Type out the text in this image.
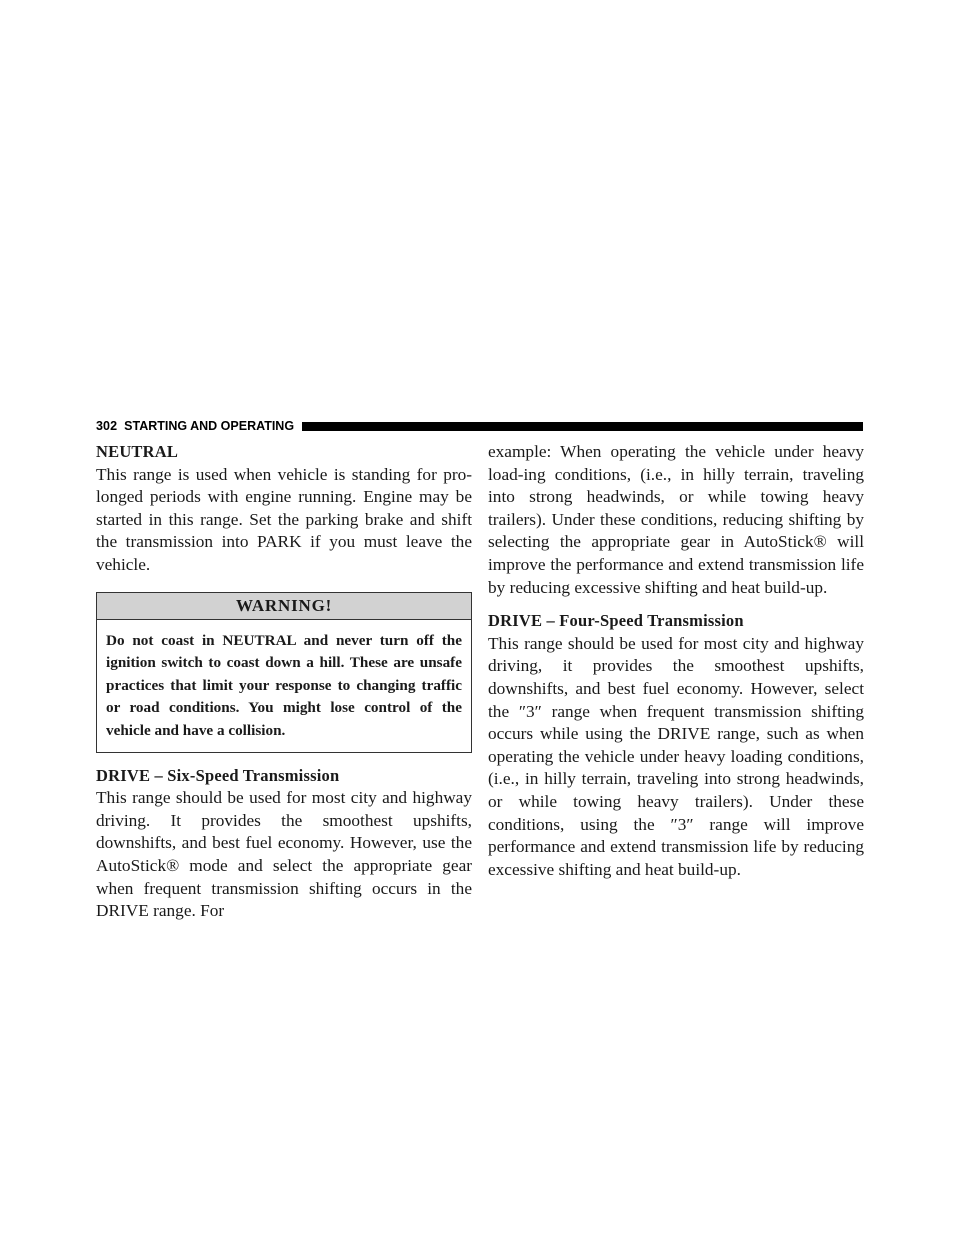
302 STARTING AND OPERATING
NEUTRAL

This range is used when vehicle is standing for pro-longed periods with engine running. Engine may be started in this range. Set the parking brake and shift the transmission into PARK if you must leave the vehicle.

WARNING!
Do not coast in NEUTRAL and never turn off the ignition switch to coast down a hill. These are unsafe practices that limit your response to changing traffic or road conditions. You might lose control of the vehicle and have a collision.
DRIVE – Six-Speed Transmission

This range should be used for most city and highway driving. It provides the smoothest upshifts, downshifts, and best fuel economy. However, use the AutoStick® mode and select the appropriate gear when frequent transmission shifting occurs in the DRIVE range. For

example: When operating the vehicle under heavy load-ing conditions, (i.e., in hilly terrain, traveling into strong headwinds, or while towing heavy trailers). Under these conditions, reducing shifting by selecting the appropriate gear in AutoStick® will improve the performance and extend transmission life by reducing excessive shifting and heat build-up.

DRIVE – Four-Speed Transmission

This range should be used for most city and highway driving, it provides the smoothest upshifts, downshifts, and best fuel economy. However, select the ″3″ range when frequent transmission shifting occurs while using the DRIVE range, such as when operating the vehicle under heavy loading conditions, (i.e., in hilly terrain, traveling into strong headwinds, or while towing heavy trailers). Under these conditions, using the ″3″ range will improve performance and extend transmission life by reducing excessive shifting and heat build-up.
